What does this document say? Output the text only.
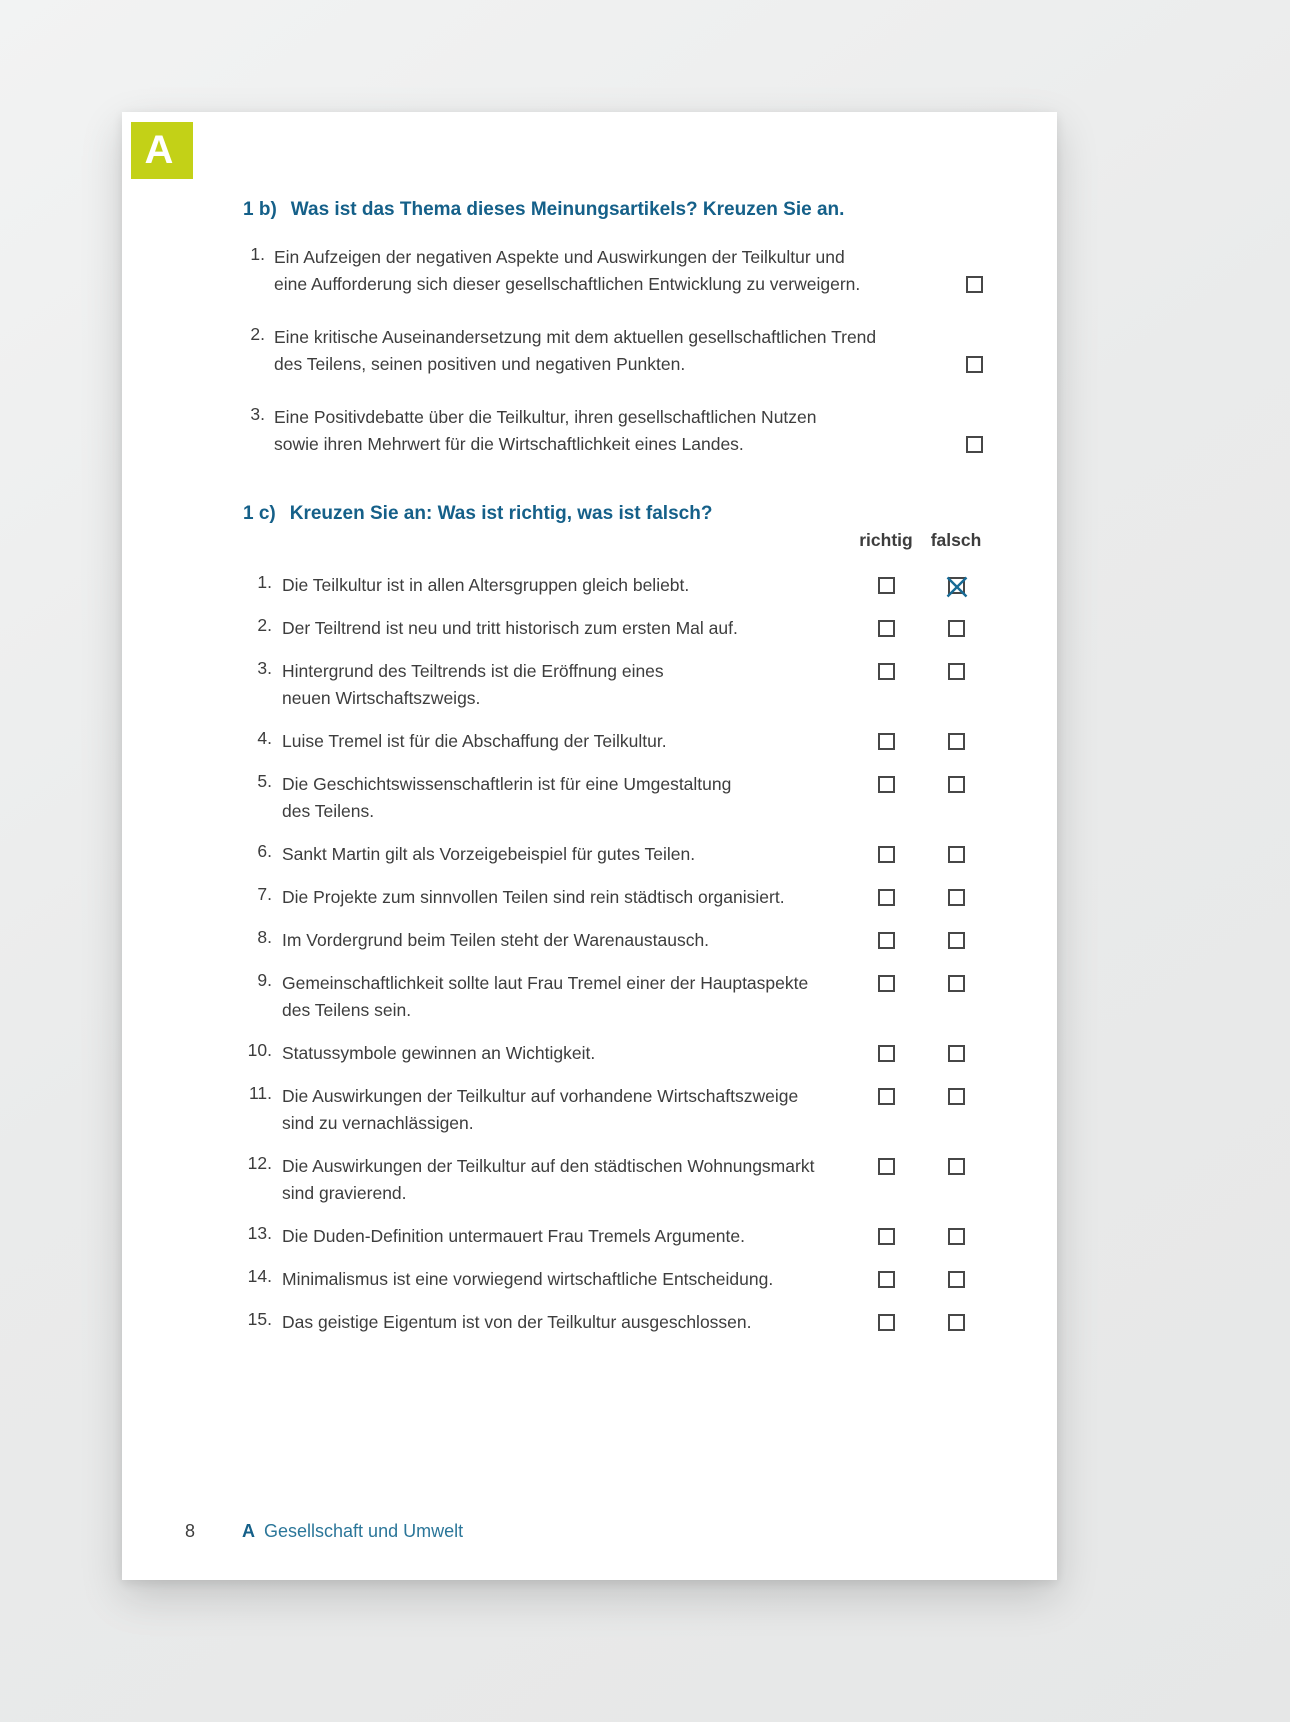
A
1 b) Was ist das Thema dieses Meinungsartikels? Kreuzen Sie an.
1. Ein Aufzeigen der negativen Aspekte und Auswirkungen der Teilkultur und
eine Aufforderung sich dieser gesellschaftlichen Entwicklung zu verweigern.
2. Eine kritische Auseinandersetzung mit dem aktuellen gesellschaftlichen Trend
des Teilens, seinen positiven und negativen Punkten.
3. Eine Positivdebatte über die Teilkultur, ihren gesellschaftlichen Nutzen
sowie ihren Mehrwert für die Wirtschaftlichkeit eines Landes.
1 c) Kreuzen Sie an: Was ist richtig, was ist falsch?
richtig	falsch
1. Die Teilkultur ist in allen Altersgruppen gleich beliebt.
2. Der Teiltrend ist neu und tritt historisch zum ersten Mal auf.
3. Hintergrund des Teiltrends ist die Eröffnung eines
neuen Wirtschaftszweigs.
4. Luise Tremel ist für die Abschaffung der Teilkultur.
5. Die Geschichtswissenschaftlerin ist für eine Umgestaltung
des Teilens.
6. Sankt Martin gilt als Vorzeigebeispiel für gutes Teilen.
7. Die Projekte zum sinnvollen Teilen sind rein städtisch organisiert.
8. Im Vordergrund beim Teilen steht der Warenaustausch.
9. Gemeinschaftlichkeit sollte laut Frau Tremel einer der Hauptaspekte
des Teilens sein.
10. Statussymbole gewinnen an Wichtigkeit.
11. Die Auswirkungen der Teilkultur auf vorhandene Wirtschaftszweige
sind zu vernachlässigen.
12. Die Auswirkungen der Teilkultur auf den städtischen Wohnungsmarkt
sind gravierend.
13. Die Duden-Definition untermauert Frau Tremels Argumente.
14. Minimalismus ist eine vorwiegend wirtschaftliche Entscheidung.
15. Das geistige Eigentum ist von der Teilkultur ausgeschlossen.
8	A Gesellschaft und Umwelt
